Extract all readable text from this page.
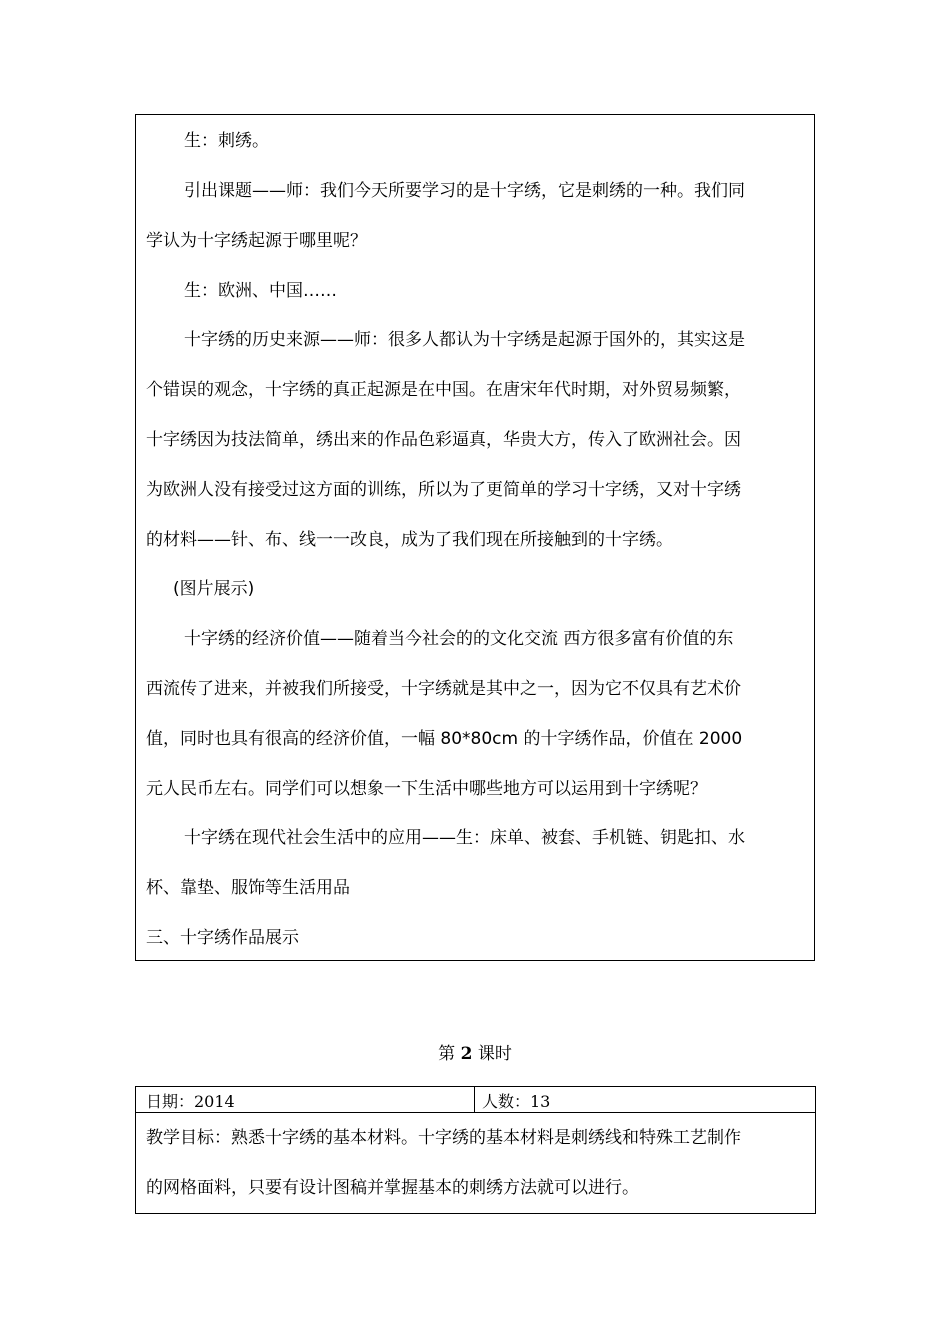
生：刺绣。
引出课题——师：我们今天所要学习的是十字绣，它是刺绣的一种。我们同
学认为十字绣起源于哪里呢？
生：欧洲、中国……
十字绣的历史来源——师：很多人都认为十字绣是起源于国外的，其实这是
个错误的观念，十字绣的真正起源是在中国。在唐宋年代时期，对外贸易频繁，
十字绣因为技法简单，绣出来的作品色彩逼真，华贵大方，传入了欧洲社会。因
为欧洲人没有接受过这方面的训练，所以为了更简单的学习十字绣，又对十字绣
的材料——针、布、线一一改良，成为了我们现在所接触到的十字绣。
(图片展示)
十字绣的经济价值——随着当今社会的的文化交流 西方很多富有价值的东
西流传了进来，并被我们所接受，十字绣就是其中之一，因为它不仅具有艺术价
值，同时也具有很高的经济价值，一幅 80*80cm 的十字绣作品，价值在 2000
元人民币左右。同学们可以想象一下生活中哪些地方可以运用到十字绣呢？
十字绣在现代社会生活中的应用——生：床单、被套、手机链、钥匙扣、水
杯、靠垫、服饰等生活用品
三、十字绣作品展示
第 2 课时
日期：2014	人数：13
教学目标：熟悉十字绣的基本材料。十字绣的基本材料是刺绣线和特殊工艺制作
的网格面料，只要有设计图稿并掌握基本的刺绣方法就可以进行。
